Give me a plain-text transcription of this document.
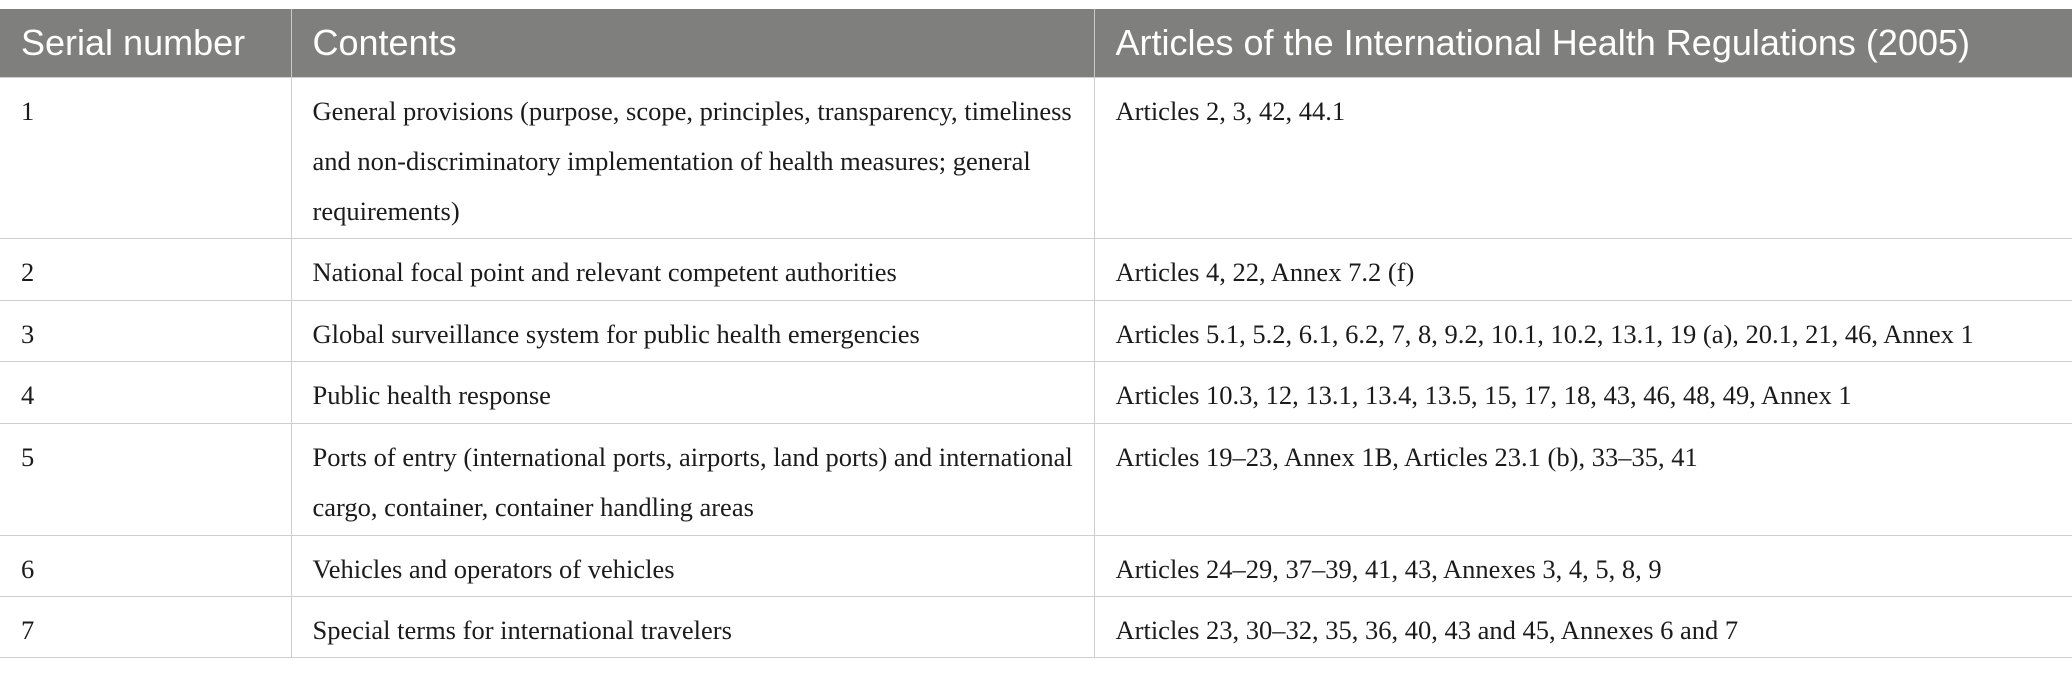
Serial number	Contents	Articles of the International Health Regulations (2005)
1	General provisions (purpose, scope, principles, transparency, timeliness and non-discriminatory implementation of health measures; general requirements)	Articles 2, 3, 42, 44.1
2	National focal point and relevant competent authorities	Articles 4, 22, Annex 7.2 (f)
3	Global surveillance system for public health emergencies	Articles 5.1, 5.2, 6.1, 6.2, 7, 8, 9.2, 10.1, 10.2, 13.1, 19 (a), 20.1, 21, 46, Annex 1
4	Public health response	Articles 10.3, 12, 13.1, 13.4, 13.5, 15, 17, 18, 43, 46, 48, 49, Annex 1
5	Ports of entry (international ports, airports, land ports) and international cargo, container, container handling areas	Articles 19–23, Annex 1B, Articles 23.1 (b), 33–35, 41
6	Vehicles and operators of vehicles	Articles 24–29, 37–39, 41, 43, Annexes 3, 4, 5, 8, 9
7	Special terms for international travelers	Articles 23, 30–32, 35, 36, 40, 43 and 45, Annexes 6 and 7
